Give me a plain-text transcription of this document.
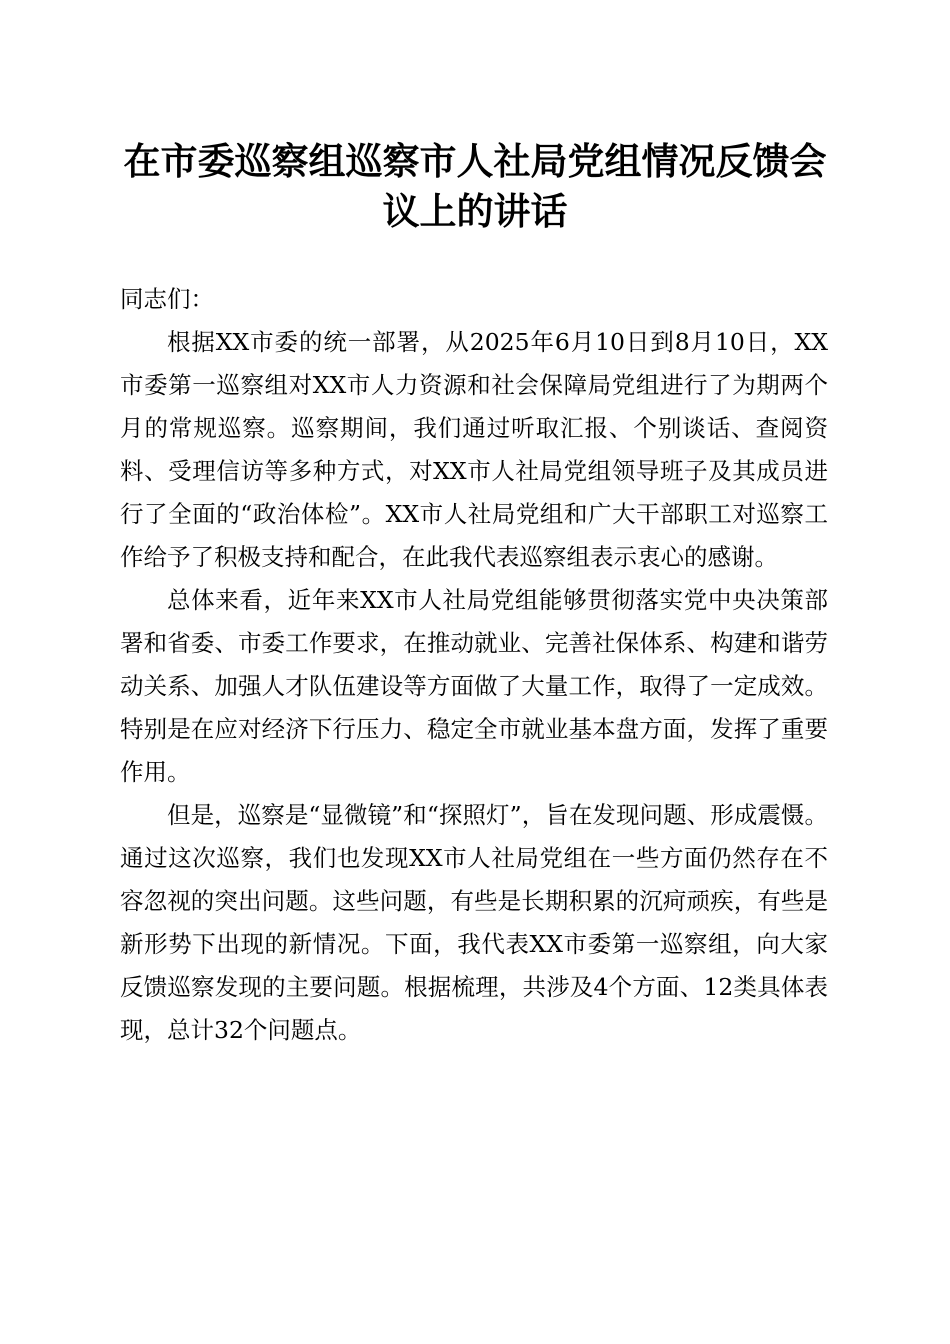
在市委巡察组巡察市人社局党组情况反馈会议上的讲话

同志们：

根据XX市委的统一部署，从2025年6月10日到8月10日，XX市委第一巡察组对XX市人力资源和社会保障局党组进行了为期两个月的常规巡察。巡察期间，我们通过听取汇报、个别谈话、查阅资料、受理信访等多种方式，对XX市人社局党组领导班子及其成员进行了全面的“政治体检”。XX市人社局党组和广大干部职工对巡察工作给予了积极支持和配合，在此我代表巡察组表示衷心的感谢。

总体来看，近年来XX市人社局党组能够贯彻落实党中央决策部署和省委、市委工作要求，在推动就业、完善社保体系、构建和谐劳动关系、加强人才队伍建设等方面做了大量工作，取得了一定成效。特别是在应对经济下行压力、稳定全市就业基本盘方面，发挥了重要作用。

但是，巡察是“显微镜”和“探照灯”，旨在发现问题、形成震慑。通过这次巡察，我们也发现XX市人社局党组在一些方面仍然存在不容忽视的突出问题。这些问题，有些是长期积累的沉疴顽疾，有些是新形势下出现的新情况。下面，我代表XX市委第一巡察组，向大家反馈巡察发现的主要问题。根据梳理，共涉及4个方面、12类具体表现，总计32个问题点。
